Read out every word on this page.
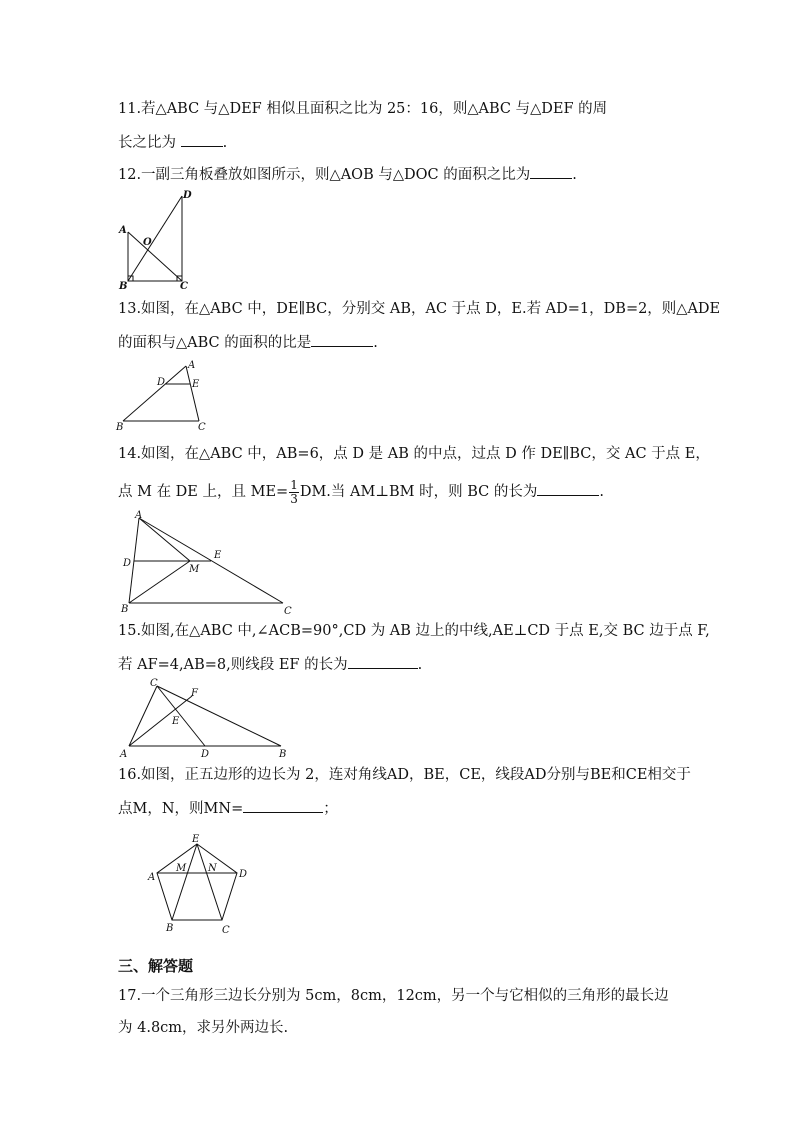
11.若△ABC 与△DEF 相似且面积之比为 25：16，则△ABC 与△DEF 的周
长之比为	.
12.一副三角板叠放如图所示，则△AOB 与△DOC 的面积之比为	.
A
B	C
D
O
13.如图，在△ABC 中，DE∥BC，分别交 AB，AC 于点 D，E.若 AD=1，DB=2，则△ADE
的面积与△ABC 的面积的比是	.
A
B	C
D	E
14.如图，在△ABC 中，AB=6，点 D 是 AB 的中点，过点 D 作 DE∥BC，交 AC 于点 E，
点 M 在 DE 上，且 $ME= \frac{1}{3}$ DM.当 AM⊥BM 时，则 BC 的长为	.
A
B	C
D
E
M
15.如图,在△ABC 中,∠ACB=90°,CD 为 AB 边上的中线,AE⊥CD 于点 E,交 BC 边于点 F,
若 AF=4,AB=8,则线段 EF 的长为	.
C
F
E
A	D	B
16.如图，正五边形的边长为 2，连对角线AD，BE，CE，线段AD分别与BE和CE相交于
点M，N，则MN=	；
E
A	D
B	C
M N
三、解答题
17.一个三角形三边长分别为 5cm，8cm，12cm，另一个与它相似的三角形的最长边
为 4.8cm，求另外两边长.
